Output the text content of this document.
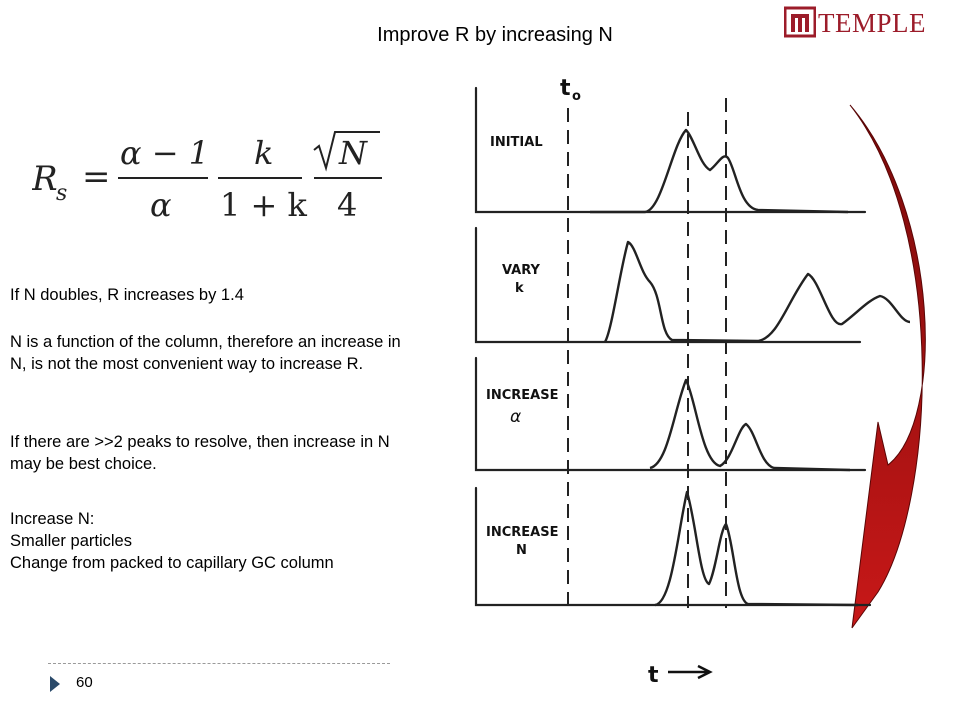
Improve R by increasing N	TEMPLE
R
s =
α − 1
α
k
1 + k
N
4
If N doubles, R increases by 1.4
N is a function of the column, therefore an increase in N, is not the most convenient way to increase R.
If there are >>2 peaks to resolve, then increase in N may be best choice.
Increase N:
Smaller particles
Change from packed to capillary GC column
60
t o
INITIAL
VARY
k
INCREASE
α
INCREASE
N
t
